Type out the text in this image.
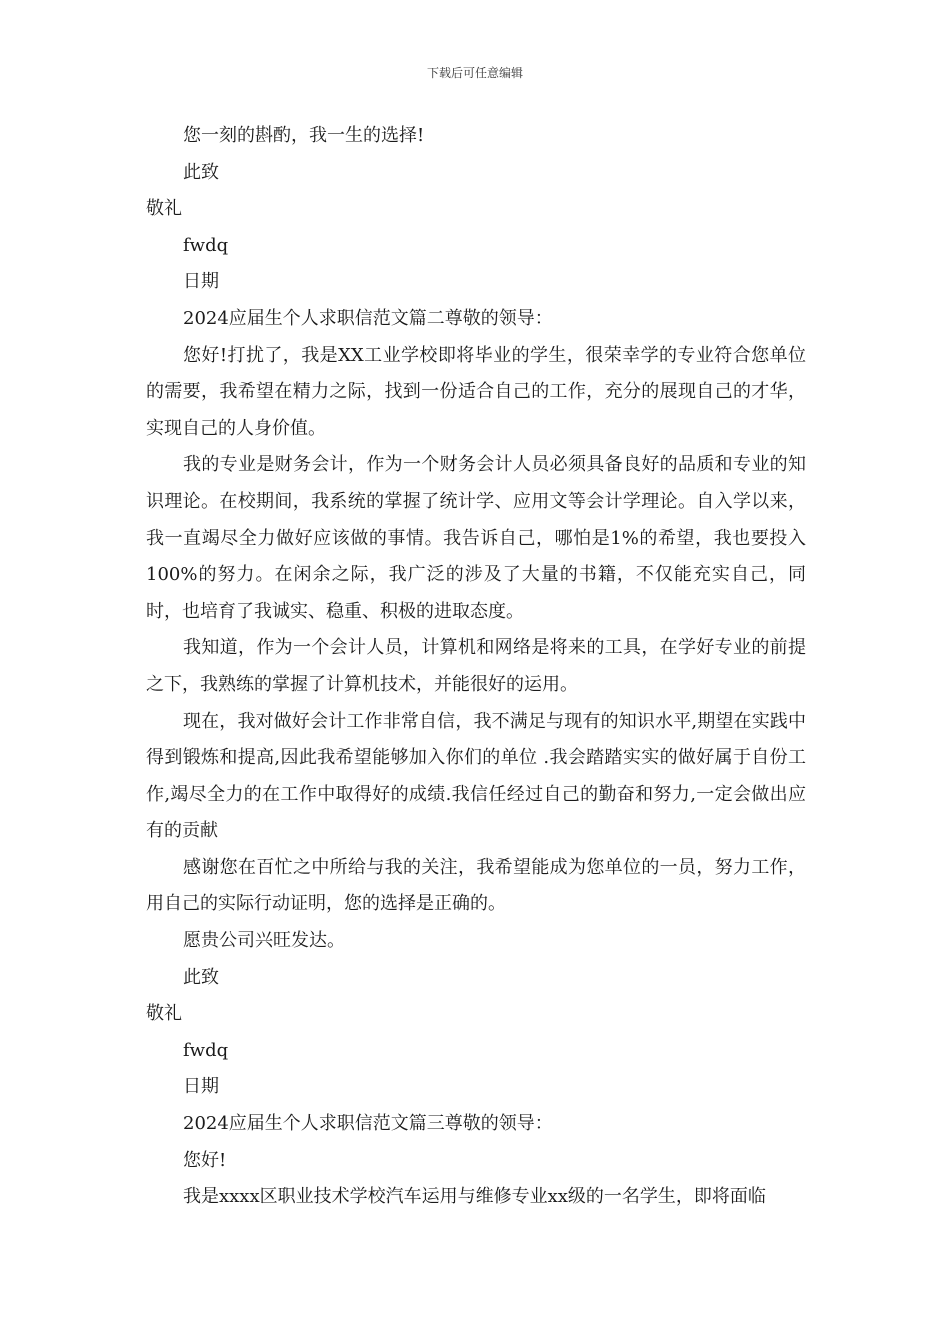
下载后可任意编辑

您一刻的斟酌，我一生的选择!

此致

敬礼

fwdq

日期

2024应届生个人求职信范文篇二尊敬的领导：

您好!打扰了，我是XX工业学校即将毕业的学生，很荣幸学的专业符合您单位的需要，我希望在精力之际，找到一份适合自己的工作，充分的展现自己的才华，实现自己的人身价值。

我的专业是财务会计，作为一个财务会计人员必须具备良好的品质和专业的知识理论。在校期间，我系统的掌握了统计学、应用文等会计学理论。自入学以来，我一直竭尽全力做好应该做的事情。我告诉自己，哪怕是1%的希望，我也要投入100%的努力。在闲余之际，我广泛的涉及了大量的书籍，不仅能充实自己，同时，也培育了我诚实、稳重、积极的进取态度。

我知道，作为一个会计人员，计算机和网络是将来的工具，在学好专业的前提之下，我熟练的掌握了计算机技术，并能很好的运用。

现在，我对做好会计工作非常自信，我不满足与现有的知识水平,期望在实践中得到锻炼和提高,因此我希望能够加入你们的单位 .我会踏踏实实的做好属于自份工作,竭尽全力的在工作中取得好的成绩.我信任经过自己的勤奋和努力,一定会做出应有的贡献

感谢您在百忙之中所给与我的关注，我希望能成为您单位的一员，努力工作，用自己的实际行动证明，您的选择是正确的。

愿贵公司兴旺发达。

此致

敬礼

fwdq

日期

2024应届生个人求职信范文篇三尊敬的领导：

您好!

我是xxxx区职业技术学校汽车运用与维修专业xx级的一名学生，即将面临
